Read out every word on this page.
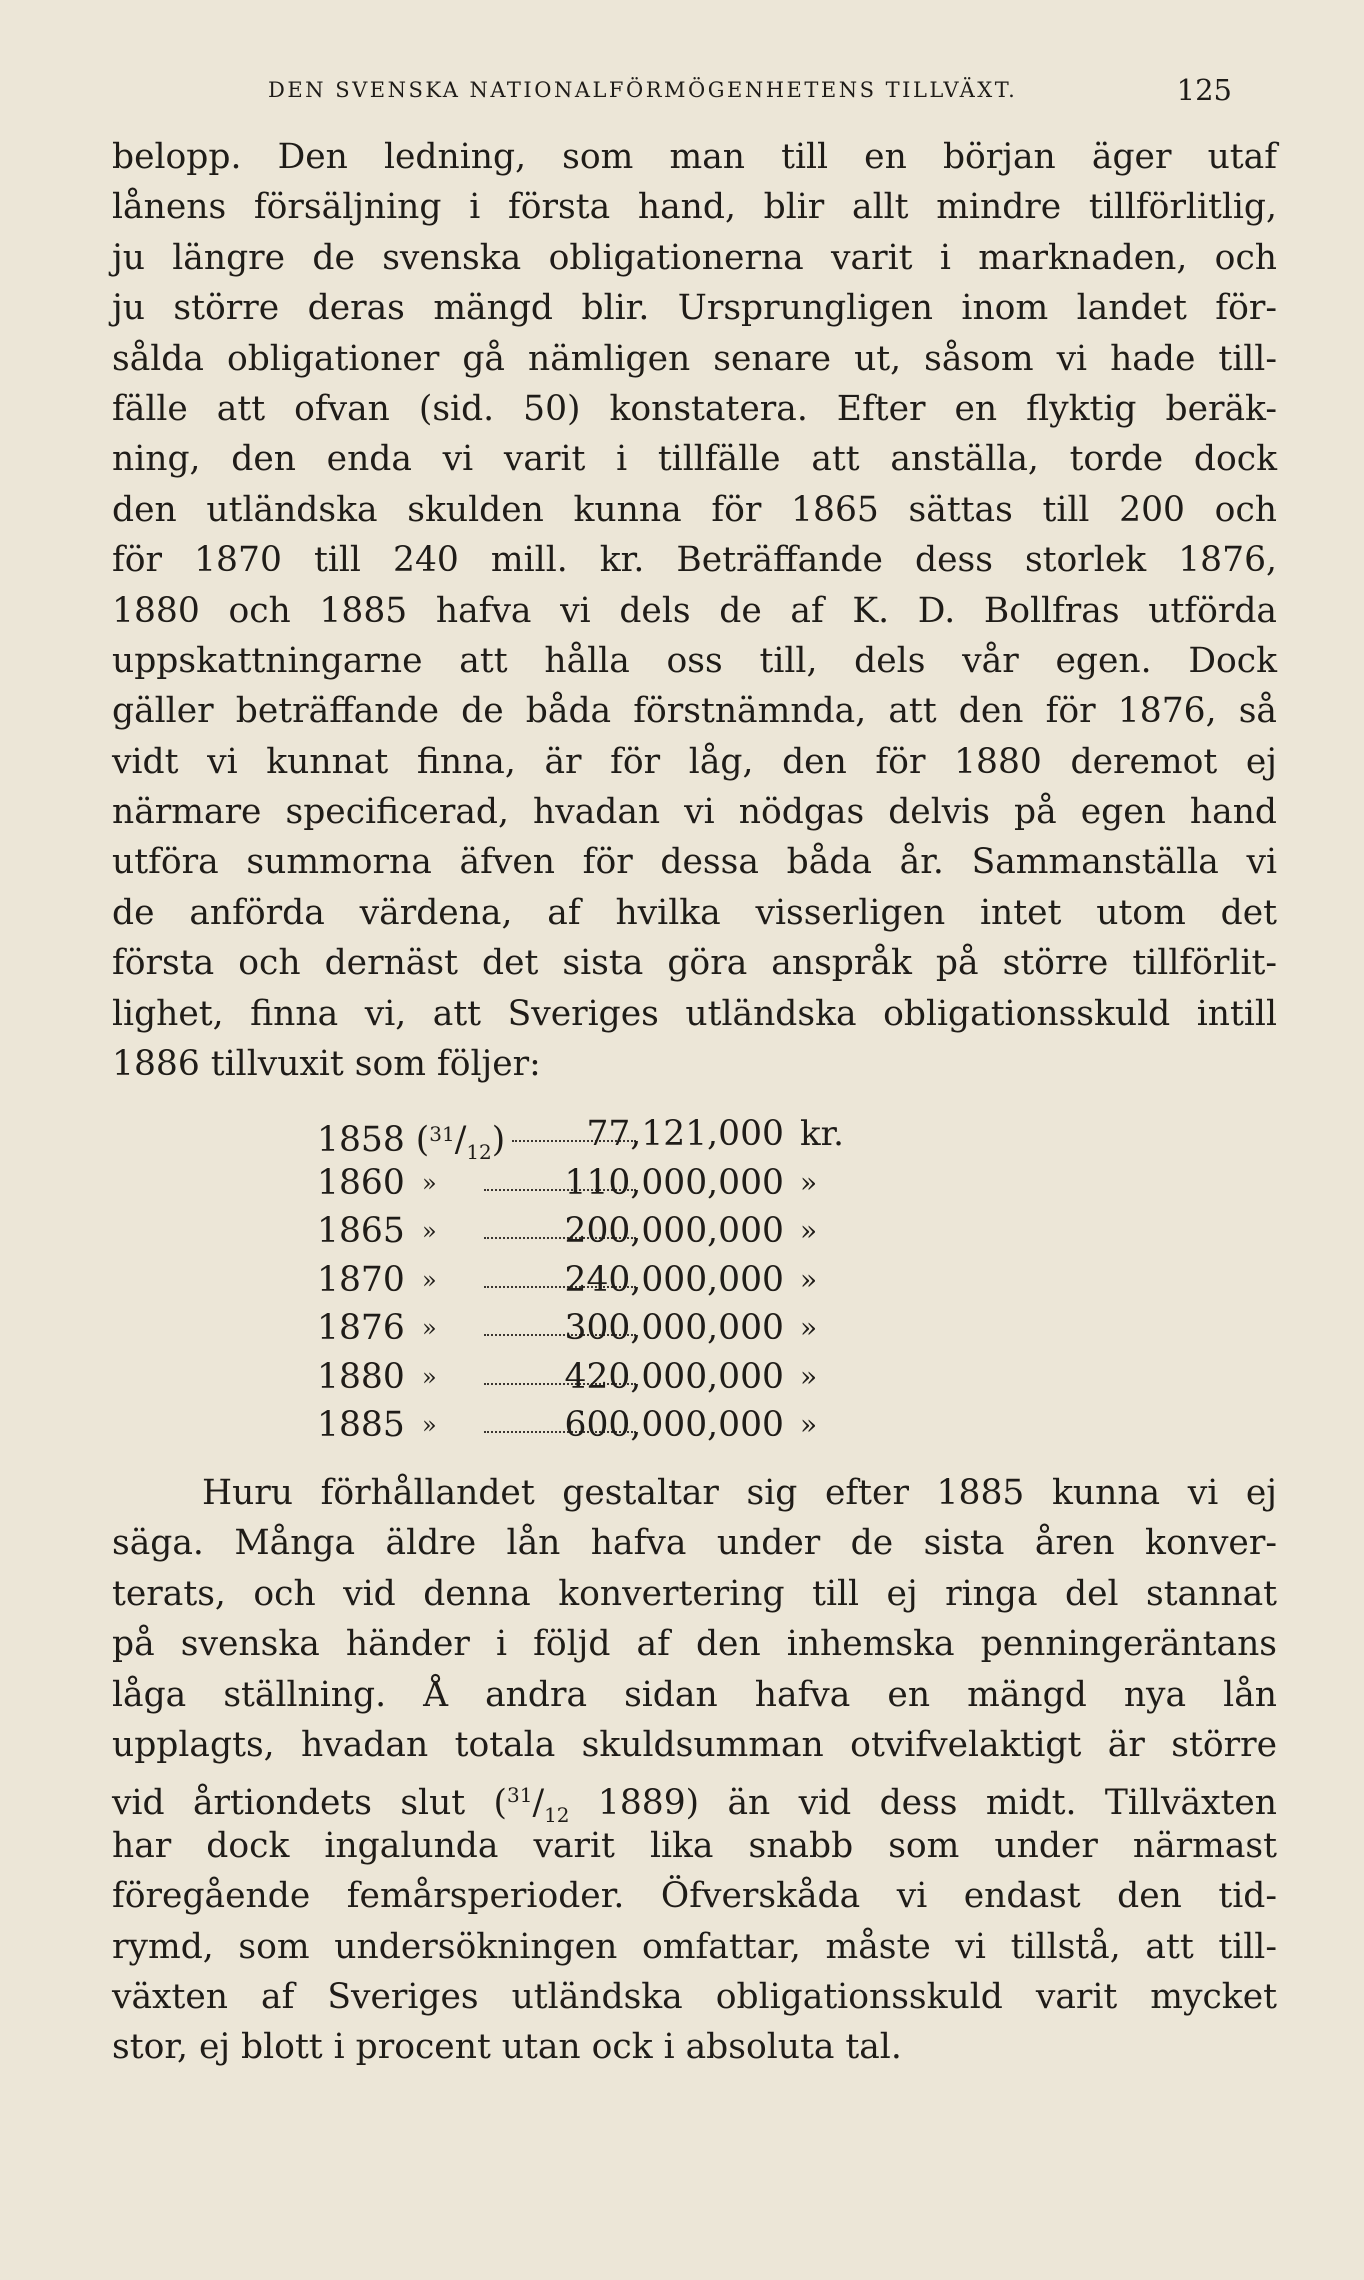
DEN SVENSKA NATIONALFÖRMÖGENHETENS TILLVÄXT.	125
belopp. Den ledning, som man till en början äger utaf
lånens försäljning i första hand, blir allt mindre tillförlitlig,
ju längre de svenska obligationerna varit i marknaden, och
ju större deras mängd blir. Ursprungligen inom landet för-
sålda obligationer gå nämligen senare ut, såsom vi hade till-
fälle att ofvan (sid. 50) konstatera. Efter en flyktig beräk-
ning, den enda vi varit i tillfälle att anställa, torde dock
den utländska skulden kunna för 1865 sättas till 200 och
för 1870 till 240 mill. kr. Beträffande dess storlek 1876,
1880 och 1885 hafva vi dels de af K. D. Bollfras utförda
uppskattningarne att hålla oss till, dels vår egen. Dock
gäller beträffande de båda förstnämnda, att den för 1876, så
vidt vi kunnat finna, är för låg, den för 1880 deremot ej
närmare specificerad, hvadan vi nödgas delvis på egen hand
utföra summorna äfven för dessa båda år. Sammanställa vi
de anförda värdena, af hvilka visserligen intet utom det
första och dernäst det sista göra anspråk på större tillförlit-
lighet, finna vi, att Sveriges utländska obligationsskuld intill
1886 tillvuxit som följer:
1858 $(^{31}/_{12})$ 77,121,000 kr.
1860 »	110,000,000 »
1865 »	200,000,000 »
1870 »	240,000,000 »
1876 »	300,000,000 »
1880 »	420,000,000 »
1885 »	600,000,000 »
Huru förhållandet gestaltar sig efter 1885 kunna vi ej
säga. Många äldre lån hafva under de sista åren konver-
terats, och vid denna konvertering till ej ringa del stannat
på svenska händer i följd af den inhemska penningeräntans
låga ställning. Å andra sidan hafva en mängd nya lån
upplagts, hvadan totala skuldsumman otvifvelaktigt är större
vid årtiondets slut ($^{31}/_{12}$ 1889) än vid dess midt. Tillväxten
har dock ingalunda varit lika snabb som under närmast
föregående femårsperioder. Öfverskåda vi endast den tid-
rymd, som undersökningen omfattar, måste vi tillstå, att till-
växten af Sveriges utländska obligationsskuld varit mycket
stor, ej blott i procent utan ock i absoluta tal.
